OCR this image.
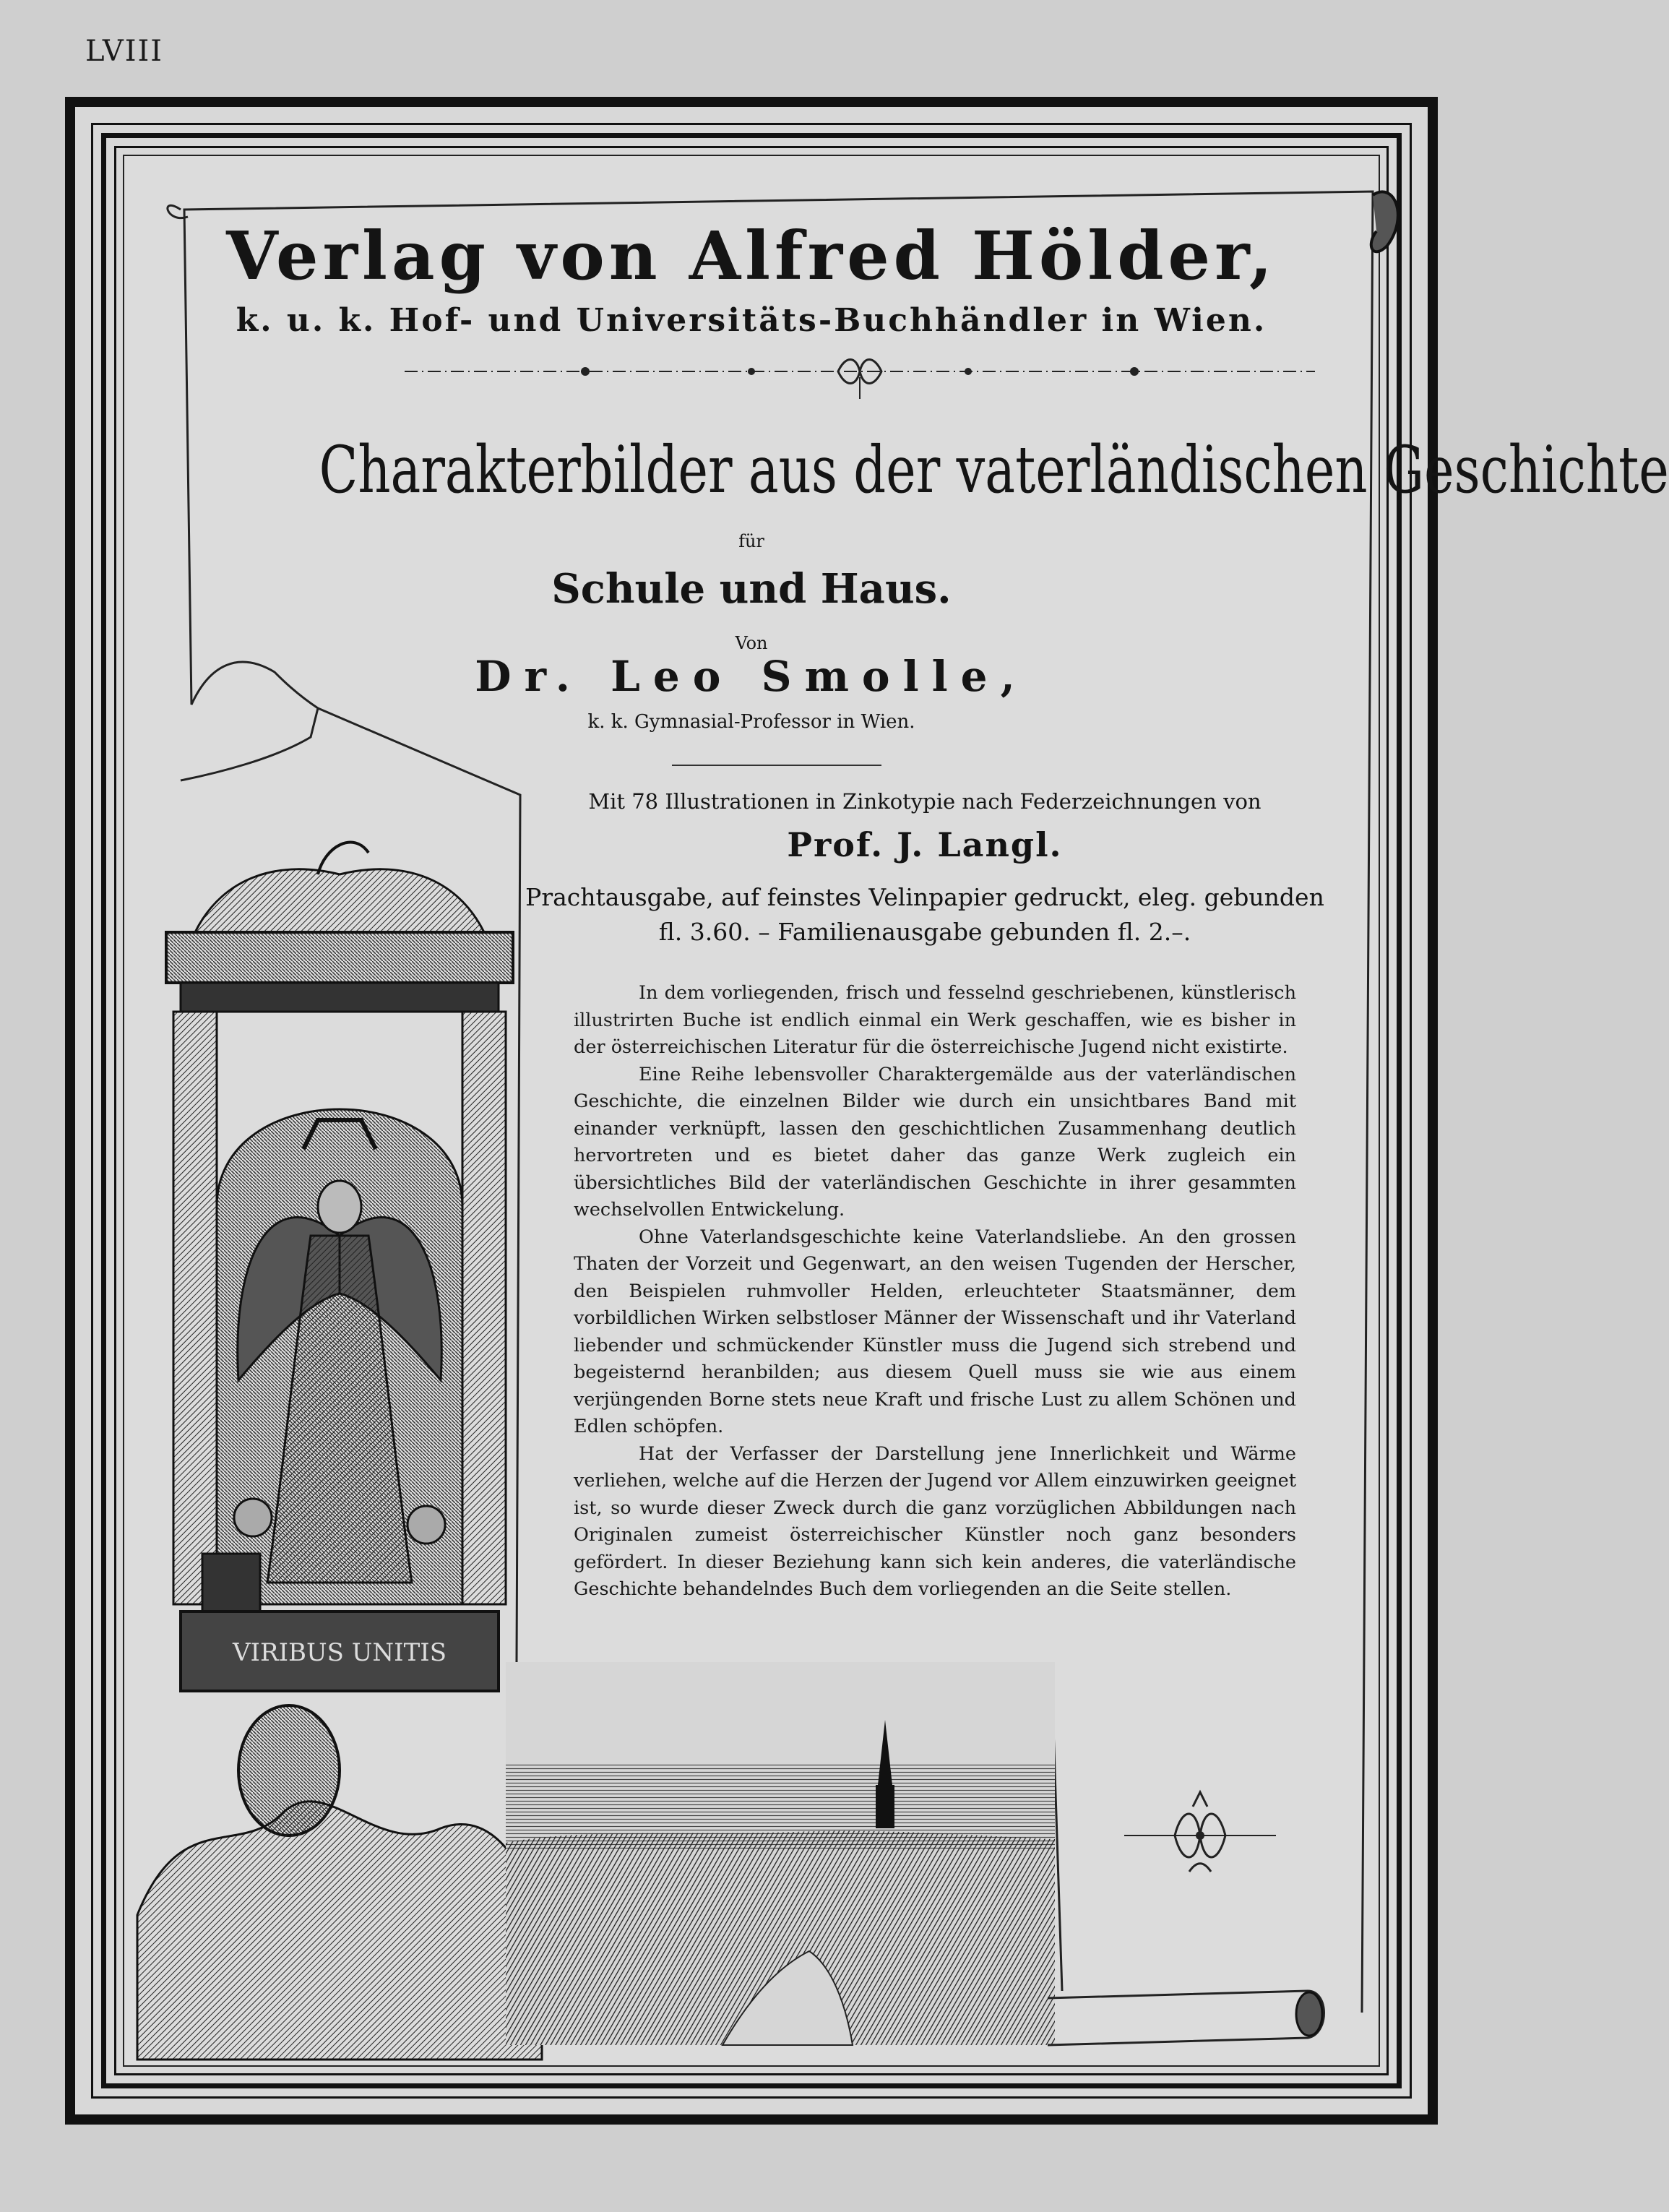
LVIII
Verlag von Alfred Hölder,
k. u. k. Hof- und Universitäts-Buchhändler in Wien.
Charakterbilder aus der vaterländischen Geschichte
für
Schule und Haus.
Von
Dr. Leo Smolle,
k. k. Gymnasial-Professor in Wien.
Mit 78 Illustrationen in Zinkotypie nach Federzeichnungen von
Prof. J. Langl.
Prachtausgabe, auf feinstes Velinpapier gedruckt, eleg. gebunden
fl. 3.60. – Familienausgabe gebunden fl. 2.–.

In dem vorliegenden, frisch und fesselnd geschriebenen, künstlerisch illustrirten Buche ist endlich einmal ein Werk geschaffen, wie es bisher in der österreichischen Literatur für die österreichische Jugend nicht existirte.

Eine Reihe lebensvoller Charaktergemälde aus der vaterländischen Geschichte, die einzelnen Bilder wie durch ein unsichtbares Band mit einander verknüpft, lassen den geschichtlichen Zusammenhang deutlich hervortreten und es bietet daher das ganze Werk zugleich ein übersichtliches Bild der vaterländischen Geschichte in ihrer gesammten wechselvollen Entwickelung.

Ohne Vaterlandsgeschichte keine Vaterlandsliebe. An den grossen Thaten der Vorzeit und Gegenwart, an den weisen Tugenden der Herscher, den Beispielen ruhmvoller Helden, erleuchteter Staatsmänner, dem vorbildlichen Wirken selbstloser Männer der Wissenschaft und ihr Vaterland liebender und schmückender Künstler muss die Jugend sich strebend und begeisternd heranbilden; aus diesem Quell muss sie wie aus einem verjüngenden Borne stets neue Kraft und frische Lust zu allem Schönen und Edlen schöpfen.

Hat der Verfasser der Darstellung jene Innerlichkeit und Wärme verliehen, welche auf die Herzen der Jugend vor Allem einzuwirken geeignet ist, so wurde dieser Zweck durch die ganz vorzüglichen Abbildungen nach Originalen zumeist österreichischer Künstler noch ganz besonders gefördert. In dieser Beziehung kann sich kein anderes, die vaterländische Geschichte behandelndes Buch dem vorliegenden an die Seite stellen.

VIRIBUS UNITIS
